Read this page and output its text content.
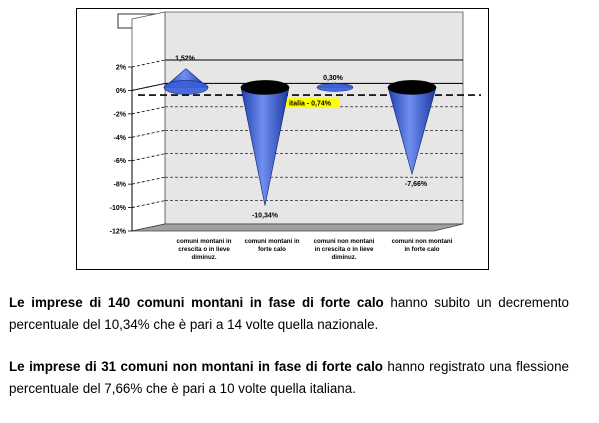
2%
0%
-2%
-4%
-6%
-8%
-10%
-12%
italia - 0,74%
1,52%
-10,34%
0,30%
-7,66%
comuni montani in
crescita o in lieve
diminuz.
comuni montani in
forte calo
comuni non montani
in crescita o in lieve
diminuz.
comuni non montani
in forte calo

Le imprese di 140 comuni montani in fase di forte calo hanno subito un decremento percentuale del 10,34% che è pari a 14 volte quella nazionale.

Le imprese di 31 comuni non montani in fase di forte calo hanno registrato una flessione percentuale del 7,66% che è pari a 10 volte quella italiana.
